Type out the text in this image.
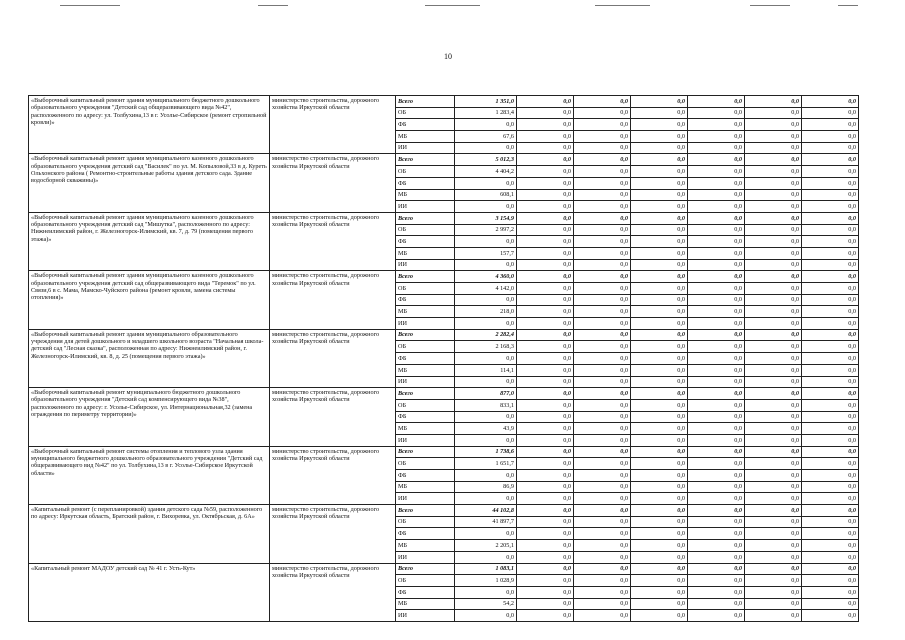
10
«Выборочный капитальный ремонт здания муниципального бюджетного дошкольного образовательного учреждения "Детский сад общеразвивающего вида №42", расположенного по адресу: ул. Толбухина,13 в г. Усолье-Сибирское (ремонт стропильной кровли)»	министерство строительства, дорожного хозяйства Иркутской области	Всего	1 351,0	0,0	0,0	0,0	0,0	0,0	0,0
		ОБ	1 283,4	0,0	0,0	0,0	0,0	0,0	0,0
		ФБ	0,0	0,0	0,0	0,0	0,0	0,0	0,0
		МБ	67,6	0,0	0,0	0,0	0,0	0,0	0,0
		ИИ	0,0	0,0	0,0	0,0	0,0	0,0	0,0
«Выборочный капитальный ремонт здания муниципального казенного дошкольного образовательного учреждения детский сад "Василек" по ул. М. Копыловой,33 в д. Куреть Ольхонского района ( Ремонтно-строительные работы здания детского сада. Здание водосборной скважины)»	министерство строительства, дорожного хозяйства Иркутской области	Всего	5 012,3	0,0	0,0	0,0	0,0	0,0	0,0
		ОБ	4 404,2	0,0	0,0	0,0	0,0	0,0	0,0
		ФБ	0,0	0,0	0,0	0,0	0,0	0,0	0,0
		МБ	608,1	0,0	0,0	0,0	0,0	0,0	0,0
		ИИ	0,0	0,0	0,0	0,0	0,0	0,0	0,0
«Выборочный капитальный ремонт здания муниципального казенного дошкольного образовательного учреждения детский сад "Мишутка", расположенного по адресу: Нижнеилимский район, г. Железногорск-Илимский, кв. 7, д. 79 (помещения первого этажа)»	министерство строительства, дорожного хозяйства Иркутской области	Всего	3 154,9	0,0	0,0	0,0	0,0	0,0	0,0
		ОБ	2 997,2	0,0	0,0	0,0	0,0	0,0	0,0
		ФБ	0,0	0,0	0,0	0,0	0,0	0,0	0,0
		МБ	157,7	0,0	0,0	0,0	0,0	0,0	0,0
		ИИ	0,0	0,0	0,0	0,0	0,0	0,0	0,0
«Выборочный капитальный ремонт здания муниципального казенного дошкольного образовательного учреждения детский сад общеразвивающего вида "Теремок" по ул. Связи,6 в с. Мама, Мамско-Чуйского района (ремонт кровли, замена системы отопления)»	министерство строительства, дорожного хозяйства Иркутской области	Всего	4 360,0	0,0	0,0	0,0	0,0	0,0	0,0
		ОБ	4 142,0	0,0	0,0	0,0	0,0	0,0	0,0
		ФБ	0,0	0,0	0,0	0,0	0,0	0,0	0,0
		МБ	218,0	0,0	0,0	0,0	0,0	0,0	0,0
		ИИ	0,0	0,0	0,0	0,0	0,0	0,0	0,0
«Выборочный капитальный ремонт здания муниципального образовательного учреждения для детей дошкольного и младшего школьного возраста "Начальная школа-детский сад "Лесная сказка", расположенная по адресу: Нижнеилимский район, г. Железногорск-Илимский, кв. 8, д. 25 (помещения первого этажа)»	министерство строительства, дорожного хозяйства Иркутской области	Всего	2 282,4	0,0	0,0	0,0	0,0	0,0	0,0
		ОБ	2 168,3	0,0	0,0	0,0	0,0	0,0	0,0
		ФБ	0,0	0,0	0,0	0,0	0,0	0,0	0,0
		МБ	114,1	0,0	0,0	0,0	0,0	0,0	0,0
		ИИ	0,0	0,0	0,0	0,0	0,0	0,0	0,0
«Выборочный капитальный ремонт муниципального бюджетного дошкольного образовательного учреждения "Детский сад компенсирующего вида №38", расположенного по адресу: г. Усолье-Сибирское, ул. Интернациональная,32 (замена ограждения по периметру территории)»	министерство строительства, дорожного хозяйства Иркутской области	Всего	877,0	0,0	0,0	0,0	0,0	0,0	0,0
		ОБ	833,1	0,0	0,0	0,0	0,0	0,0	0,0
		ФБ	0,0	0,0	0,0	0,0	0,0	0,0	0,0
		МБ	43,9	0,0	0,0	0,0	0,0	0,0	0,0
		ИИ	0,0	0,0	0,0	0,0	0,0	0,0	0,0
«Выборочный капитальный ремонт системы отопления и теплового узла здания муниципального бюджетного дошкольного образовательного учреждения "Детский сад общеразвивающего вид №42" по ул. Толбухина,13 в г. Усолье-Сибирское Иркутской области»	министерство строительства, дорожного хозяйства Иркутской области	Всего	1 738,6	0,0	0,0	0,0	0,0	0,0	0,0
		ОБ	1 651,7	0,0	0,0	0,0	0,0	0,0	0,0
		ФБ	0,0	0,0	0,0	0,0	0,0	0,0	0,0
		МБ	86,9	0,0	0,0	0,0	0,0	0,0	0,0
		ИИ	0,0	0,0	0,0	0,0	0,0	0,0	0,0
«Капитальный ремонт (с перепланировкой) здания детского сада №59, расположенного по адресу: Иркутская область, Братский район, г. Вихоревка, ул. Октябрьская, д. 6А»	министерство строительства, дорожного хозяйства Иркутской области	Всего	44 102,8	0,0	0,0	0,0	0,0	0,0	0,0
		ОБ	41 897,7	0,0	0,0	0,0	0,0	0,0	0,0
		ФБ	0,0	0,0	0,0	0,0	0,0	0,0	0,0
		МБ	2 205,1	0,0	0,0	0,0	0,0	0,0	0,0
		ИИ	0,0	0,0	0,0	0,0	0,0	0,0	0,0
«Капитальный ремонт МАДОУ детский сад № 41 г. Усть-Кут»	министерство строительства, дорожного хозяйства Иркутской области	Всего	1 083,1	0,0	0,0	0,0	0,0	0,0	0,0
		ОБ	1 028,9	0,0	0,0	0,0	0,0	0,0	0,0
		ФБ	0,0	0,0	0,0	0,0	0,0	0,0	0,0
		МБ	54,2	0,0	0,0	0,0	0,0	0,0	0,0
		ИИ	0,0	0,0	0,0	0,0	0,0	0,0	0,0
